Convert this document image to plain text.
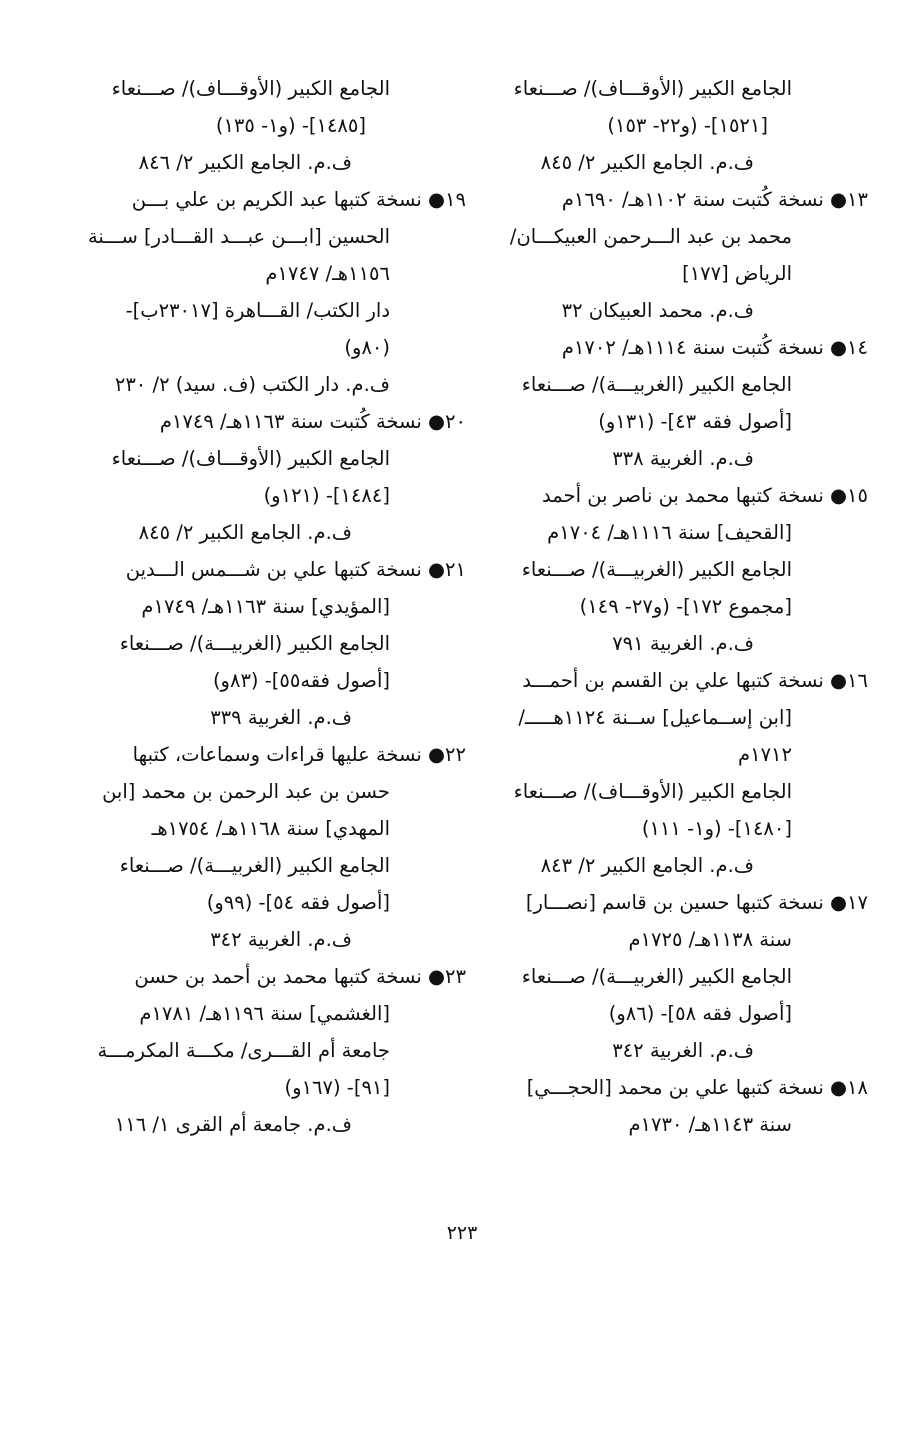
الجامع الكبير (الأوقـــاف)/ صـــنعاء
[١٥٢١]- (و٢٢- ١٥٣)
ف.م. الجامع الكبير ٢/ ٨٤٥
١٣● نسخة كُتبت سنة ١١٠٢هـ/ ١٦٩٠م
محمد بن عبد الـــرحمن العبيكـــان/
الرياض [١٧٧]
ف.م. محمد العبيكان ٣٢
١٤● نسخة كُتبت سنة ١١١٤هـ/ ١٧٠٢م
الجامع الكبير (الغربيـــة)/ صـــنعاء
[أصول فقه ٤٣]- (١٣١و)
ف.م. الغربية ٣٣٨
١٥● نسخة كتبها محمد بن ناصر بن أحمد
[القحيف] سنة ١١١٦هـ/ ١٧٠٤م
الجامع الكبير (الغربيـــة)/ صـــنعاء
[مجموع ١٧٢]- (و٢٧- ١٤٩)
ف.م. الغربية ٧٩١
١٦● نسخة كتبها علي بن القسم بن أحمـــد
[ابن إســماعيل] ســنة ١١٢٤هـــــ/
١٧١٢م
الجامع الكبير (الأوقـــاف)/ صـــنعاء
[١٤٨٠]- (و١- ١١١)
ف.م. الجامع الكبير ٢/ ٨٤٣
١٧● نسخة كتبها حسين بن قاسم [نصـــار]
سنة ١١٣٨هـ/ ١٧٢٥م
الجامع الكبير (الغربيـــة)/ صـــنعاء
[أصول فقه ٥٨]- (٨٦و)
ف.م. الغربية ٣٤٢
١٨● نسخة كتبها علي بن محمد [الحجـــي]
سنة ١١٤٣هـ/ ١٧٣٠م
الجامع الكبير (الأوقـــاف)/ صـــنعاء
[١٤٨٥]- (و١- ١٣٥)
ف.م. الجامع الكبير ٢/ ٨٤٦
١٩● نسخة كتبها عبد الكريم بن علي بـــن
الحسين [ابـــن عبـــد القـــادر] ســـنة
١١٥٦هـ/ ١٧٤٧م
دار الكتب/ القـــاهرة [٢٣٠١٧ب]-
(٨٠و)
ف.م. دار الكتب (ف. سيد) ٢/ ٢٣٠
٢٠● نسخة كُتبت سنة ١١٦٣هـ/ ١٧٤٩م
الجامع الكبير (الأوقـــاف)/ صـــنعاء
[١٤٨٤]- (١٢١و)
ف.م. الجامع الكبير ٢/ ٨٤٥
٢١● نسخة كتبها علي بن شـــمس الـــدين
[المؤيدي] سنة ١١٦٣هـ/ ١٧٤٩م
الجامع الكبير (الغربيـــة)/ صـــنعاء
[أصول فقه٥٥]- (٨٣و)
ف.م. الغربية ٣٣٩
٢٢● نسخة عليها قراءات وسماعات، كتبها
حسن بن عبد الرحمن بن محمد [ابن
المهدي] سنة ١١٦٨هـ/ ١٧٥٤هـ
الجامع الكبير (الغربيـــة)/ صـــنعاء
[أصول فقه ٥٤]- (٩٩و)
ف.م. الغربية ٣٤٢
٢٣● نسخة كتبها محمد بن أحمد بن حسن
[الغشمي] سنة ١١٩٦هـ/ ١٧٨١م
جامعة أم القـــرى/ مكـــة المكرمـــة
[٩١]- (١٦٧و)
ف.م. جامعة أم القرى ١/ ١١٦
٢٢٣
